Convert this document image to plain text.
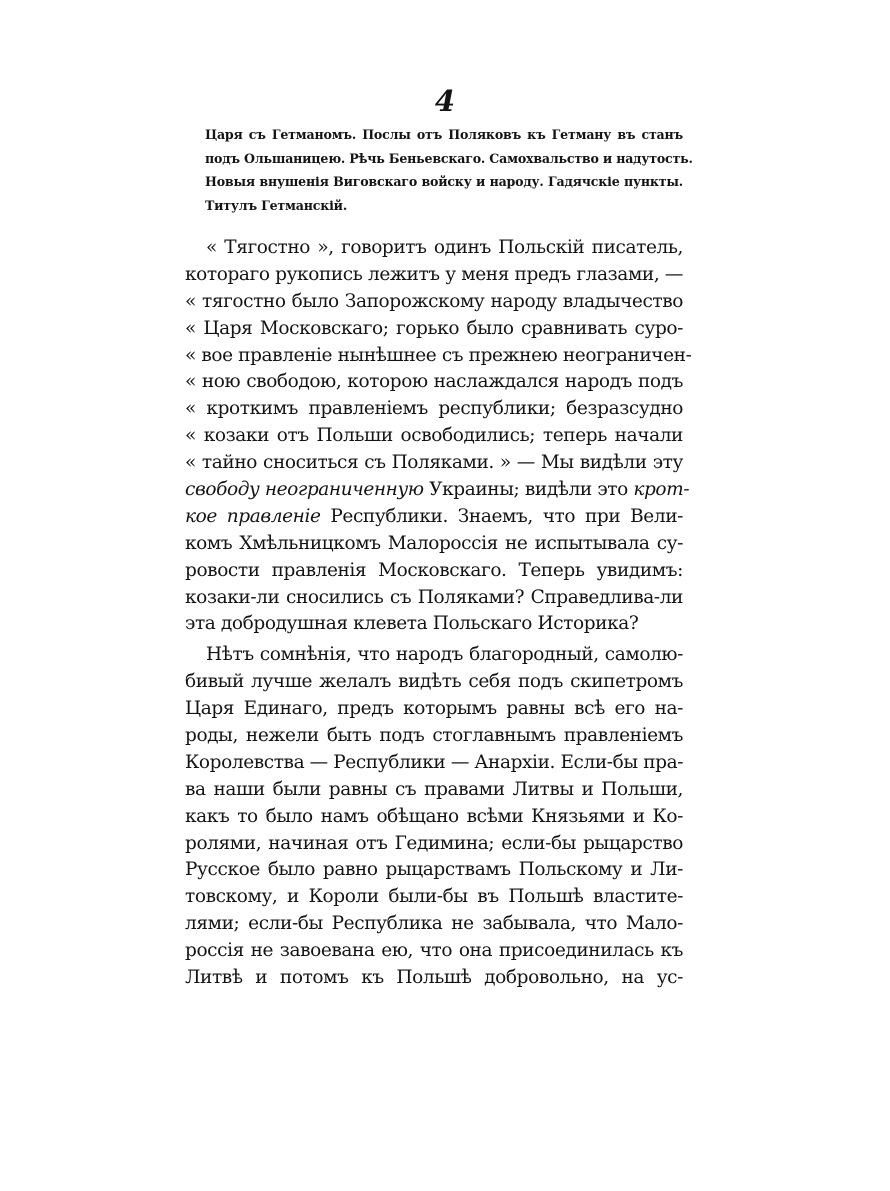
4
Царя съ Гетманомъ. Послы отъ Поляковъ къ Гетману въ станъ
подъ Ольшаницею. Рѣчь Беньевскаго. Самохвальство и надутость.
Новыя внушенія Виговскаго войску и народу. Гадячскіе пункты.
Титулъ Гетманскій.
« Тягостно », говоритъ одинъ Польскій писатель,
котораго рукопись лежитъ у меня предъ глазами, —
« тягостно было Запорожскому народу владычество
« Царя Московскаго; горько было сравнивать суро-
« вое правленіе нынѣшнее съ прежнею неограничен-
« ною свободою, которою наслаждался народъ подъ
« кроткимъ правленіемъ республики; безразсудно
« козаки отъ Польши освободились; теперь начали
« тайно сноситься съ Поляками. » — Мы видѣли эту
свободу неограниченную Украины; видѣли это крот-
кое правленіе Республики. Знаемъ, что при Вели-
комъ Хмѣльницкомъ Малороссія не испытывала су-
ровости правленія Московскаго. Теперь увидимъ:
козаки-ли сносились съ Поляками? Справедлива-ли
эта добродушная клевета Польскаго Историка?
Нѣтъ сомнѣнія, что народъ благородный, самолю-
бивый лучше желалъ видѣть себя подъ скипетромъ
Царя Единаго, предъ которымъ равны всѣ его на-
роды, нежели быть подъ стоглавнымъ правленіемъ
Королевства — Республики — Анархіи. Если-бы пра-
ва наши были равны съ правами Литвы и Польши,
какъ то было намъ обѣщано всѣми Князьями и Ко-
ролями, начиная отъ Гедимина; если-бы рыцарство
Русское было равно рыцарствамъ Польскому и Ли-
товскому, и Короли были-бы въ Польшѣ властите-
лями; если-бы Республика не забывала, что Мало-
россія не завоевана ею, что она присоединилась къ
Литвѣ и потомъ къ Польшѣ добровольно, на ус-
